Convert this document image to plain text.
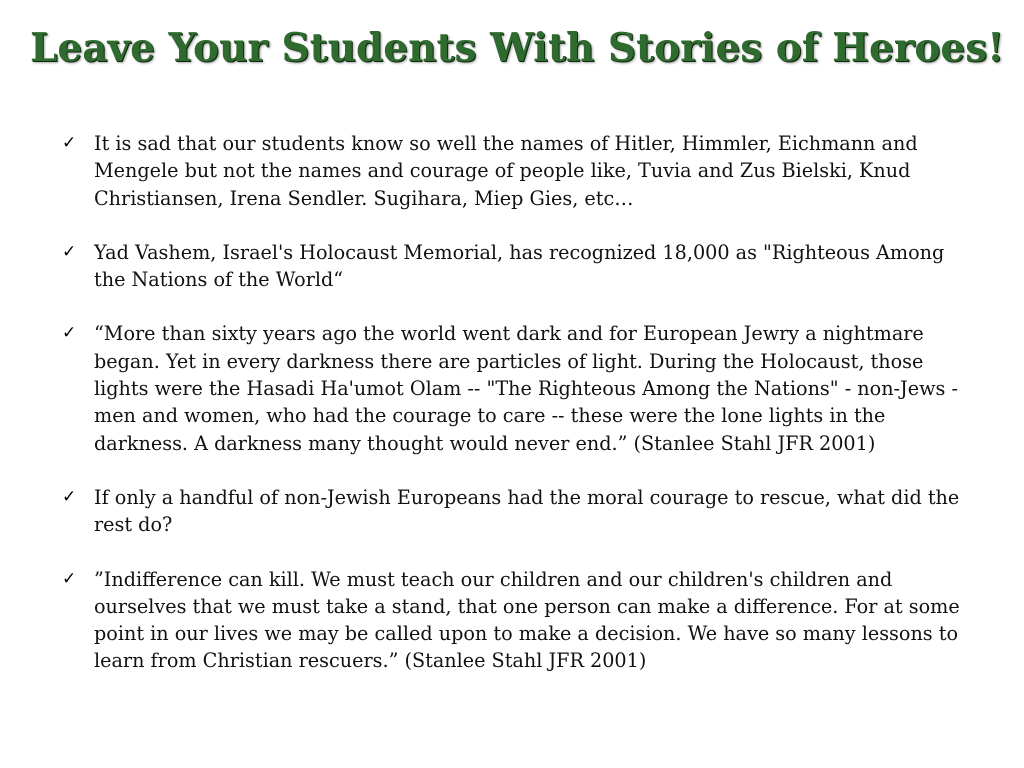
Leave Your Students With Stories of Heroes!
✓ It is sad that our students know so well the names of Hitler, Himmler, Eichmann and Mengele but not the names and courage of people like, Tuvia and Zus Bielski, Knud Christiansen, Irena Sendler. Sugihara, Miep Gies, etc…
✓ Yad Vashem, Israel's Holocaust Memorial, has recognized 18,000 as "Righteous Among the Nations of the World“
✓ “More than sixty years ago the world went dark and for European Jewry a nightmare began. Yet in every darkness there are particles of light. During the Holocaust, those lights were the Hasadi Ha'umot Olam -- "The Righteous Among the Nations" - non-Jews - men and women, who had the courage to care -- these were the lone lights in the darkness. A darkness many thought would never end.” (Stanlee Stahl JFR 2001)
✓ If only a handful of non-Jewish Europeans had the moral courage to rescue, what did the rest do?
✓ ”Indifference can kill. We must teach our children and our children's children and ourselves that we must take a stand, that one person can make a difference. For at some point in our lives we may be called upon to make a decision. We have so many lessons to learn from Christian rescuers.” (Stanlee Stahl JFR 2001)
